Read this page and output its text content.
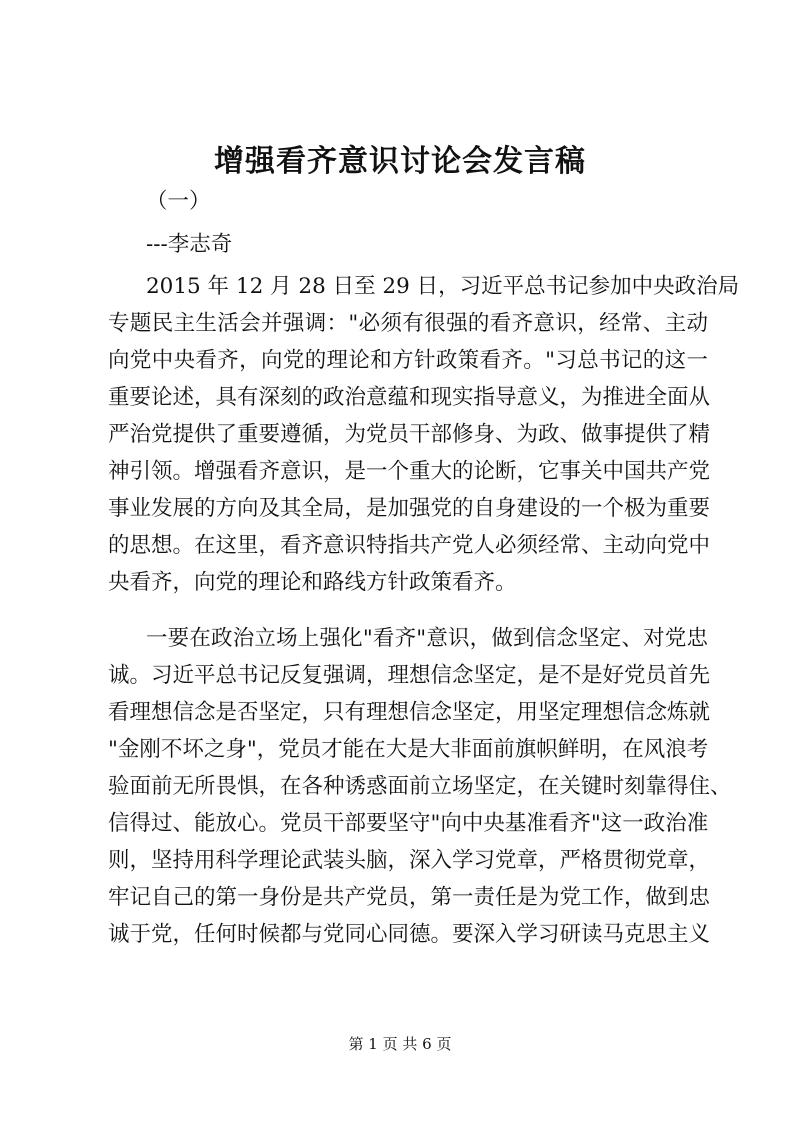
增强看齐意识讨论会发言稿
（一）
---李志奇
2015 年 12 月 28 日至 29 日，习近平总书记参加中央政治局
专题民主生活会并强调："必须有很强的看齐意识，经常、主动
向党中央看齐，向党的理论和方针政策看齐。"习总书记的这一
重要论述，具有深刻的政治意蕴和现实指导意义，为推进全面从
严治党提供了重要遵循，为党员干部修身、为政、做事提供了精
神引领。增强看齐意识，是一个重大的论断，它事关中国共产党
事业发展的方向及其全局，是加强党的自身建设的一个极为重要
的思想。在这里，看齐意识特指共产党人必须经常、主动向党中
央看齐，向党的理论和路线方针政策看齐。
一要在政治立场上强化"看齐"意识，做到信念坚定、对党忠
诚。习近平总书记反复强调，理想信念坚定，是不是好党员首先
看理想信念是否坚定，只有理想信念坚定，用坚定理想信念炼就
"金刚不坏之身"，党员才能在大是大非面前旗帜鲜明，在风浪考
验面前无所畏惧，在各种诱惑面前立场坚定，在关键时刻靠得住、
信得过、能放心。党员干部要坚守"向中央基准看齐"这一政治准
则，坚持用科学理论武装头脑，深入学习党章，严格贯彻党章，
牢记自己的第一身份是共产党员，第一责任是为党工作，做到忠
诚于党，任何时候都与党同心同德。要深入学习研读马克思主义
第 1 页 共 6 页
